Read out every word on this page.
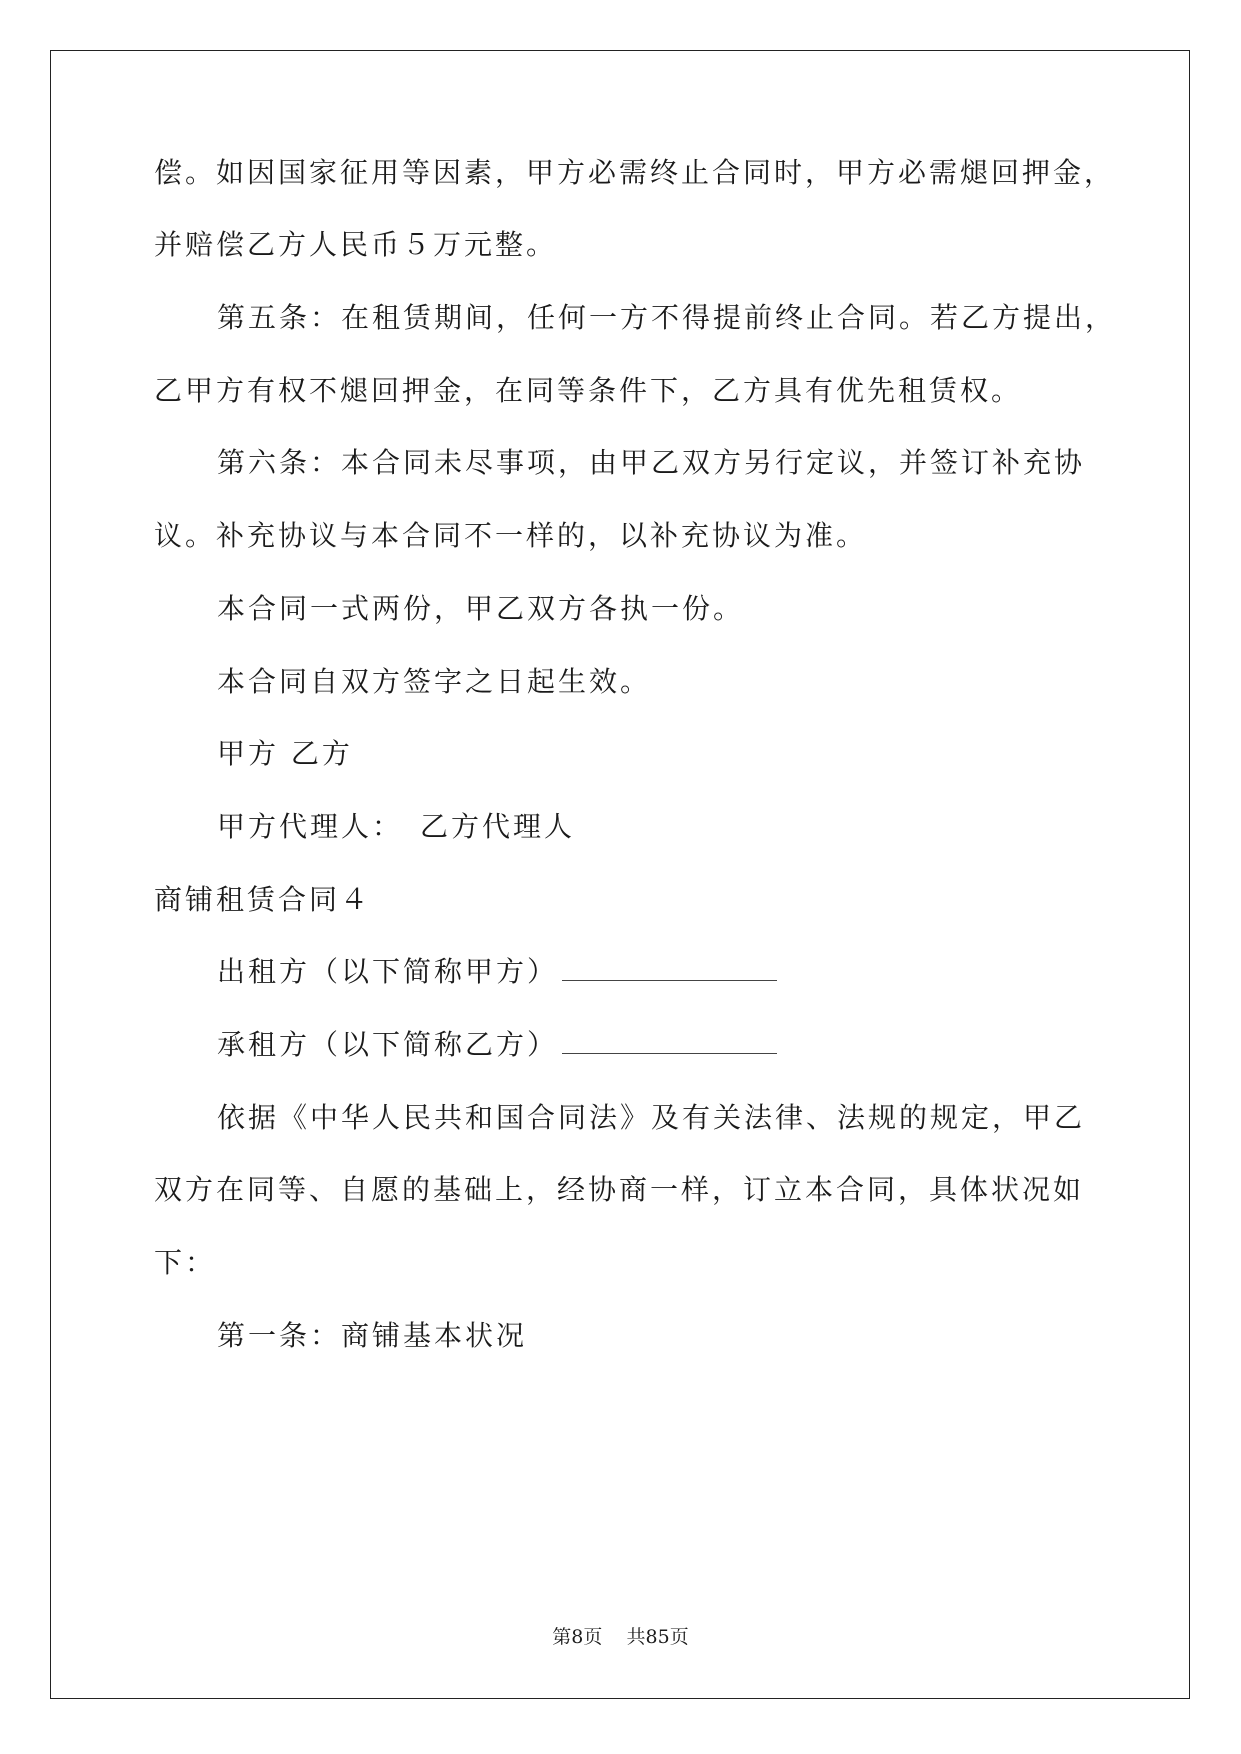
偿。如因国家征用等因素，甲方必需终止合同时，甲方必需煺回押金，
并赔偿乙方人民币５万元整。
第五条：在租赁期间，任何一方不得提前终止合同。若乙方提出，
乙甲方有权不煺回押金，在同等条件下，乙方具有优先租赁权。
第六条：本合同未尽事项，由甲乙双方另行定议，并签订补充协
议。补充协议与本合同不一样的，以补充协议为准。
本合同一式两份，甲乙双方各执一份。
本合同自双方签字之日起生效。
甲方 乙方
甲方代理人：　乙方代理人
商铺租赁合同４
出租方（以下简称甲方）
承租方（以下简称乙方）
依据《中华人民共和国合同法》及有关法律、法规的规定，甲乙
双方在同等、自愿的基础上，经协商一样，订立本合同，具体状况如
下：
第一条：商铺基本状况
第8页 共85页
